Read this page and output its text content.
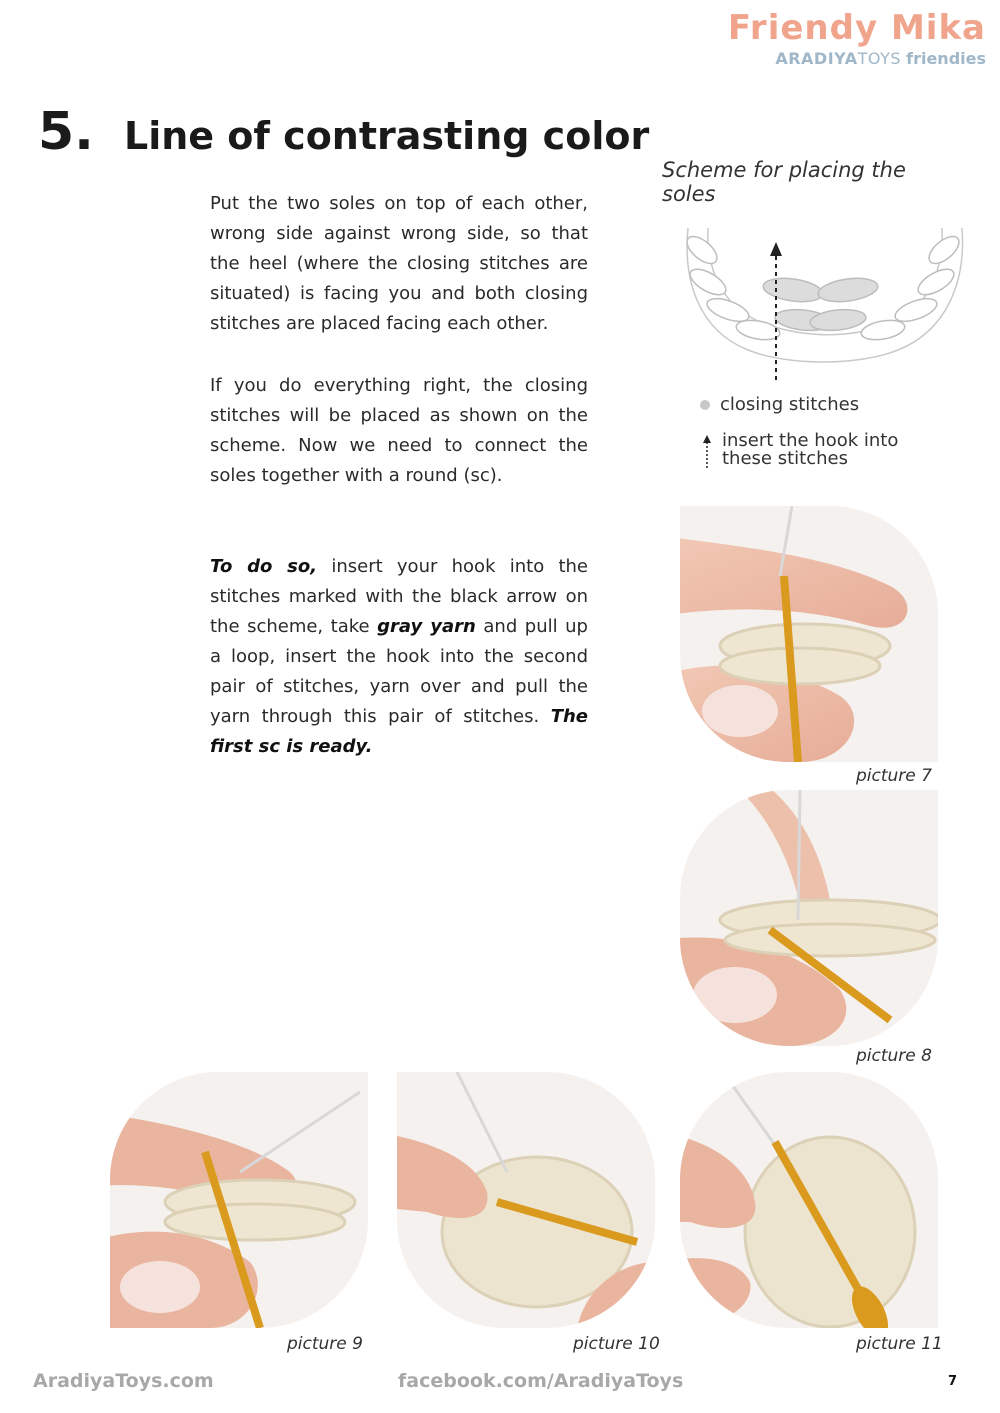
Friendy Mika
ARADIYATOYS friendies
5. Line of contrasting color
Put the two soles on top of each other, wrong side against wrong side, so that the heel (where the closing stitches are situated) is facing you and both closing stitches are placed facing each other.
If you do everything right, the closing stitches will be placed as shown on the scheme. Now we need to connect the soles together with a round (sc).
To do so, insert your hook into the stitches marked with the black arrow on the scheme, take gray yarn and pull up a loop, insert the hook into the second pair of stitches, yarn over and pull the yarn through this pair of stitches. The first sc is ready.
Scheme for placing the soles
closing stitches
insert the hook into these stitches
picture 7
picture 8
picture 9	picture 10	picture 11
AradiyaToys.com	facebook.com/AradiyaToys	7
